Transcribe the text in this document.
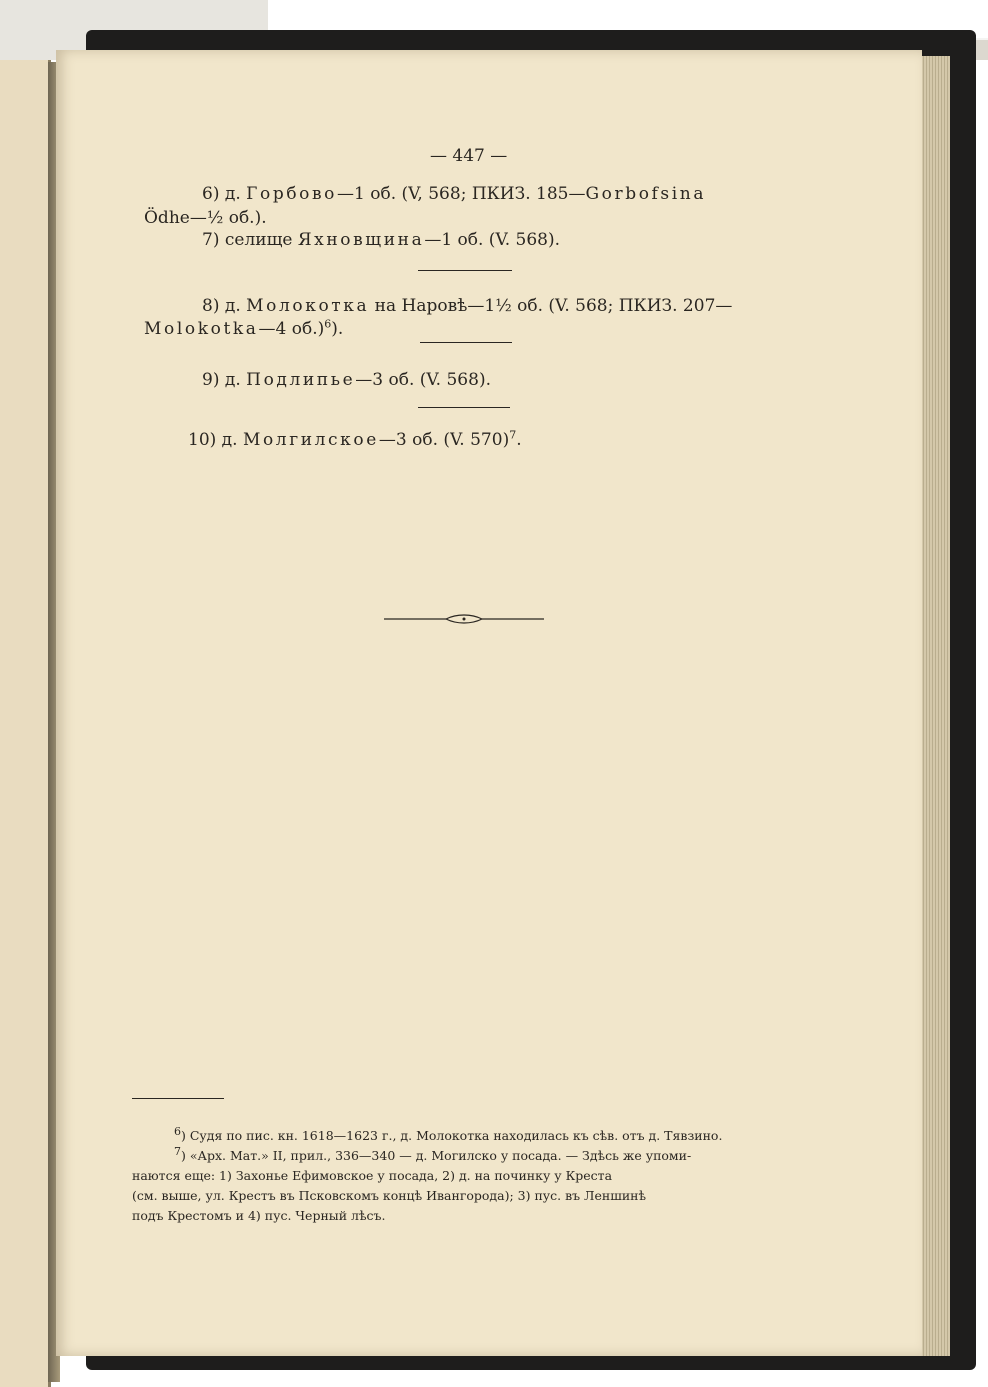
— 447 —
6) д. Горбово—1 об. (V, 568; ПКИЗ. 185—Gorbofsina
Ödhe—½ об.).
7) селище Яхновщина—1 об. (V. 568).
8) д. Молокотка на Наровѣ—1½ об. (V. 568; ПКИЗ. 207—
Molokotka—4 об.)$^6$).
9) д. Подлипье—3 об. (V. 568).
10) д. Молгилское—3 об. (V. 570)$^7$.
6) Судя по пис. кн. 1618—1623 г., д. Молокотка находилась къ сѣв. отъ д. Тявзино.
7) «Арх. Мат.» II, прил., 336—340 — д. Могилско у посада. — Здѣсь же упоми-
наются еще: 1) Захонье Ефимовское у посада, 2) д. на починку у Креста
(см. выше, ул. Крестъ въ Псковскомъ концѣ Ивангорода); 3) пус. въ Леншинѣ
подъ Крестомъ и 4) пус. Черный лѣсъ.
